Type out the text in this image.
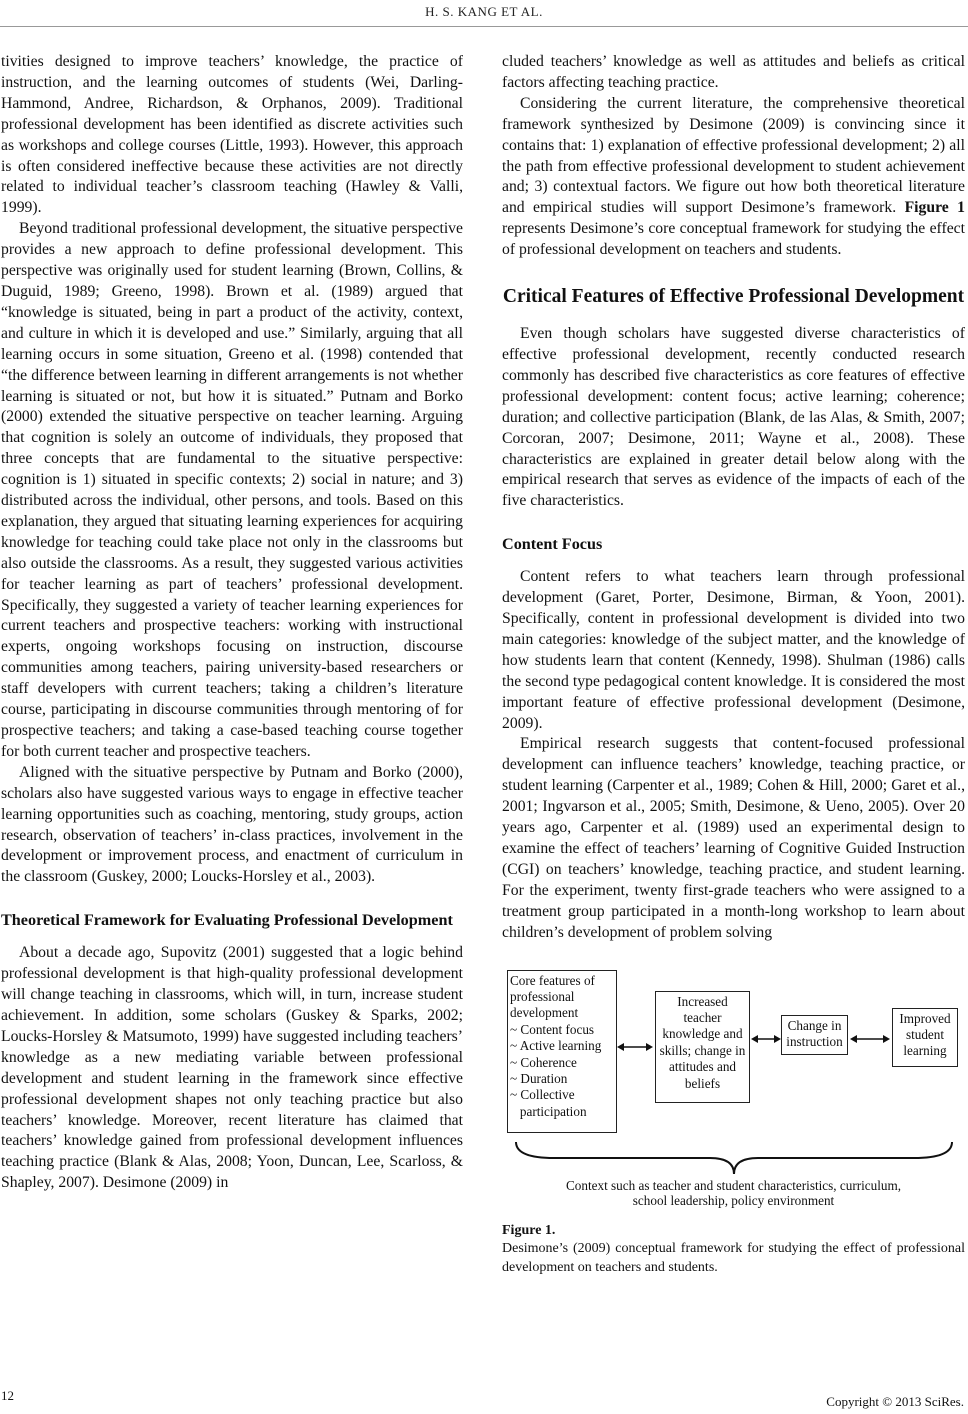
H. S. KANG ET AL.

tivities designed to improve teachers’ knowledge, the practice of instruction, and the learning outcomes of students (Wei, Darling-Hammond, Andree, Richardson, & Orphanos, 2009). Traditional professional development has been identified as discrete activities such as workshops and college courses (Little, 1993). However, this approach is often considered ineffective because these activities are not directly related to individual teacher’s classroom teaching (Hawley & Valli, 1999).

Beyond traditional professional development, the situative perspective provides a new approach to define professional development. This perspective was originally used for student learning (Brown, Collins, & Duguid, 1989; Greeno, 1998). Brown et al. (1989) argued that “knowledge is situated, being in part a product of the activity, context, and culture in which it is developed and use.” Similarly, arguing that all learning occurs in some situation, Greeno et al. (1998) contended that “the difference between learning in different arrangements is not whether learning is situated or not, but how it is situated.” Putnam and Borko (2000) extended the situative perspective on teacher learning. Arguing that cognition is solely an outcome of individuals, they proposed that three concepts that are fundamental to the situative perspective: cognition is 1) situated in specific contexts; 2) social in nature; and 3) distributed across the individual, other persons, and tools. Based on this explanation, they argued that situating learning experiences for acquiring knowledge for teaching could take place not only in the classrooms but also outside the classrooms. As a result, they suggested various activities for teacher learning as part of teachers’ professional development. Specifically, they suggested a variety of teacher learning experiences for current teachers and prospective teachers: working with instructional experts, ongoing workshops focusing on instruction, discourse communities among teachers, pairing university-based researchers or staff developers with current teachers; taking a children’s literature course, participating in discourse communities through mentoring of for prospective teachers; and taking a case-based teaching course together for both current teacher and prospective teachers.

Aligned with the situative perspective by Putnam and Borko (2000), scholars also have suggested various ways to engage in effective teacher learning opportunities such as coaching, mentoring, study groups, action research, observation of teachers’ in-class practices, involvement in the development or improvement process, and enactment of curriculum in the classroom (Guskey, 2000; Loucks-Horsley et al., 2003).

Theoretical Framework for Evaluating Professional Development

About a decade ago, Supovitz (2001) suggested that a logic behind professional development is that high-quality professional development will change teaching in classrooms, which will, in turn, increase student achievement. In addition, some scholars (Guskey & Sparks, 2002; Loucks-Horsley & Matsumoto, 1999) have suggested including teachers’ knowledge as a new mediating variable between professional development and student learning in the framework since effective professional development shapes not only teaching practice but also teachers’ knowledge. Moreover, recent literature has claimed that teachers’ knowledge gained from professional development influences teaching practice (Blank & Alas, 2008; Yoon, Duncan, Lee, Scarloss, & Shapley, 2007). Desimone (2009) in

cluded teachers’ knowledge as well as attitudes and beliefs as critical factors affecting teaching practice.

Considering the current literature, the comprehensive theoretical framework synthesized by Desimone (2009) is convincing since it contains that: 1) explanation of effective professional development; 2) all the path from effective professional development to student achievement and; 3) contextual factors. We figure out how both theoretical literature and empirical studies will support Desimone’s framework. Figure 1 represents Desimone’s core conceptual framework for studying the effect of professional development on teachers and students.

Critical Features of Effective Professional Development

Even though scholars have suggested diverse characteristics of effective professional development, recently conducted research commonly has described five characteristics as core features of effective professional development: content focus; active learning; coherence; duration; and collective participation (Blank, de las Alas, & Smith, 2007; Corcoran, 2007; Desimone, 2011; Wayne et al., 2008). These characteristics are explained in greater detail below along with the empirical research that serves as evidence of the impacts of each of the five characteristics.

Content Focus

Content refers to what teachers learn through professional development (Garet, Porter, Desimone, Birman, & Yoon, 2001). Specifically, content in professional development is divided into two main categories: knowledge of the subject matter, and the knowledge of how students learn that content (Kennedy, 1998). Shulman (1986) calls the second type pedagogical content knowledge. It is considered the most important feature of effective professional development (Desimone, 2009).

Empirical research suggests that content-focused professional development can influence teachers’ knowledge, teaching practice, or student learning (Carpenter et al., 1989; Cohen & Hill, 2000; Garet et al., 2001; Ingvarson et al., 2005; Smith, Desimone, & Ueno, 2005). Over 20 years ago, Carpenter et al. (1989) used an experimental design to examine the effect of teachers’ learning of Cognitive Guided Instruction (CGI) on teachers’ knowledge, teaching practice, and student learning. For the experiment, twenty first-grade teachers who were assigned to a treatment group participated in a month-long workshop to learn about children’s development of problem solving

Core features of
professional
development
~ Content focus
~ Active learning
~ Coherence
~ Duration
~ Collective
participation
Increased
teacher
knowledge and
skills; change in
attitudes and
beliefs
Change in
instruction
Improved
student
learning
Context such as teacher and student characteristics, curriculum,
school leadership, policy environment
Figure 1.
Desimone’s (2009) conceptual framework for studying the effect of professional development on teachers and students.
12	Copyright © 2013 SciRes.
